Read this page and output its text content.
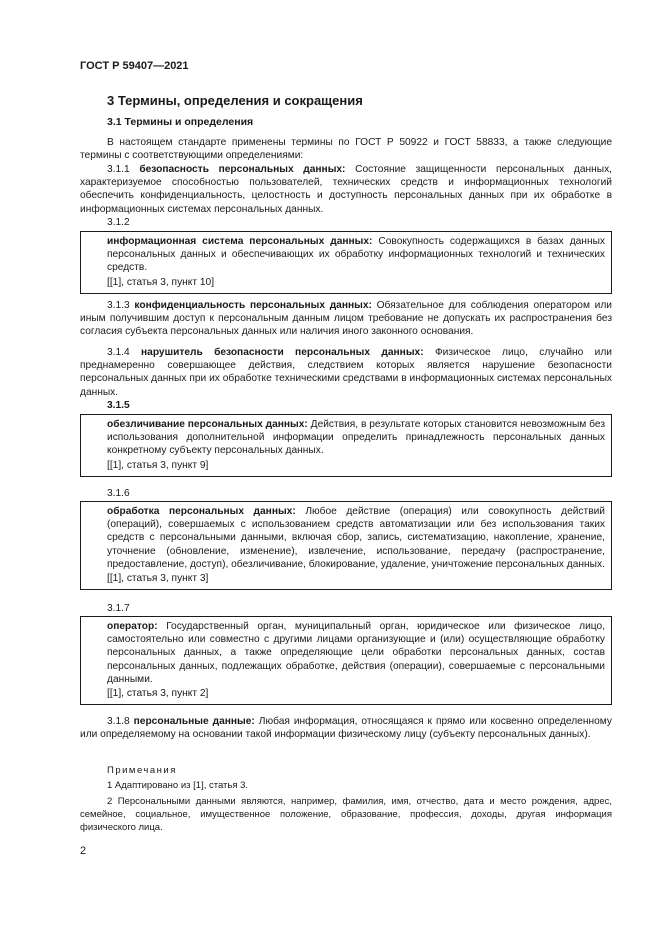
ГОСТ Р 59407—2021
3 Термины, определения и сокращения
3.1 Термины и определения
В настоящем стандарте применены термины по ГОСТ Р 50922 и ГОСТ 58833, а также следующие термины с соответствующими определениями:
3.1.1 безопасность персональных данных: Состояние защищенности персональных данных, характеризуемое способностью пользователей, технических средств и информационных технологий обеспечить конфиденциальность, целостность и доступность персональных данных при их обработке в информационных системах персональных данных.
3.1.2
информационная система персональных данных: Совокупность содержащихся в базах данных персональных данных и обеспечивающих их обработку информационных технологий и технических средств.
[[1], статья 3, пункт 10]
3.1.3 конфиденциальность персональных данных: Обязательное для соблюдения оператором или иным получившим доступ к персональным данным лицом требование не допускать их распространения без согласия субъекта персональных данных или наличия иного законного основания.
3.1.4 нарушитель безопасности персональных данных: Физическое лицо, случайно или преднамеренно совершающее действия, следствием которых является нарушение безопасности персональных данных при их обработке техническими средствами в информационных системах персональных данных.
3.1.5
обезличивание персональных данных: Действия, в результате которых становится невозможным без использования дополнительной информации определить принадлежность персональных данных конкретному субъекту персональных данных.
[[1], статья 3, пункт 9]
3.1.6
обработка персональных данных: Любое действие (операция) или совокупность действий (операций), совершаемых с использованием средств автоматизации или без использования таких средств с персональными данными, включая сбор, запись, систематизацию, накопление, хранение, уточнение (обновление, изменение), извлечение, использование, передачу (распространение, предоставление, доступ), обезличивание, блокирование, удаление, уничтожение персональных данных.
[[1], статья 3, пункт 3]
3.1.7
оператор: Государственный орган, муниципальный орган, юридическое или физическое лицо, самостоятельно или совместно с другими лицами организующие и (или) осуществляющие обработку персональных данных, а также определяющие цели обработки персональных данных, состав персональных данных, подлежащих обработке, действия (операции), совершаемые с персональными данными.
[[1], статья 3, пункт 2]
3.1.8 персональные данные: Любая информация, относящаяся к прямо или косвенно определенному или определяемому на основании такой информации физическому лицу (субъекту персональных данных).
Примечания
1 Адаптировано из [1], статья 3.
2 Персональными данными являются, например, фамилия, имя, отчество, дата и место рождения, адрес, семейное, социальное, имущественное положение, образование, профессия, доходы, другая информация физического лица.
2
